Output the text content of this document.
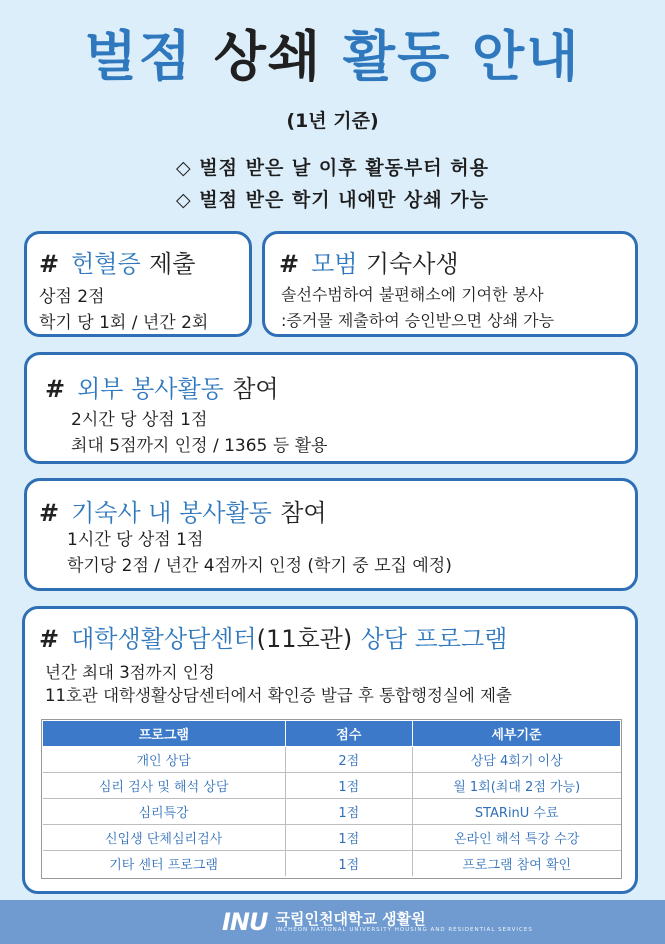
벌점 상쇄 활동 안내
(1년 기준)
◇ 벌점 받은 날 이후 활동부터 허용
◇ 벌점 받은 학기 내에만 상쇄 가능
# 헌혈증 제출
상점 2점
학기 당 1회 / 년간 2회
# 모범 기숙사생
솔선수범하여 불편해소에 기여한 봉사
:증거물 제출하여 승인받으면 상쇄 가능
# 외부 봉사활동 참여
2시간 당 상점 1점
최대 5점까지 인정 / 1365 등 활용
# 기숙사 내 봉사활동 참여
1시간 당 상점 1점
학기당 2점 / 년간 4점까지 인정 (학기 중 모집 예정)
# 대학생활상담센터(11호관) 상담 프로그램
년간 최대 3점까지 인정
11호관 대학생활상담센터에서 확인증 발급 후 통합행정실에 제출
프로그램	점수	세부기준
개인 상담	2점	상담 4회기 이상
심리 검사 및 해석 상담	1점	월 1회(최대 2점 가능)
심리특강	1점	STARinU 수료
신입생 단체심리검사	1점	온라인 해석 특강 수강
기타 센터 프로그램	1점	프로그램 참여 확인
INU 국립인천대학교 생활원
INCHEON NATIONAL UNIVERSITY HOUSING AND RESIDENTIAL SERVICES
